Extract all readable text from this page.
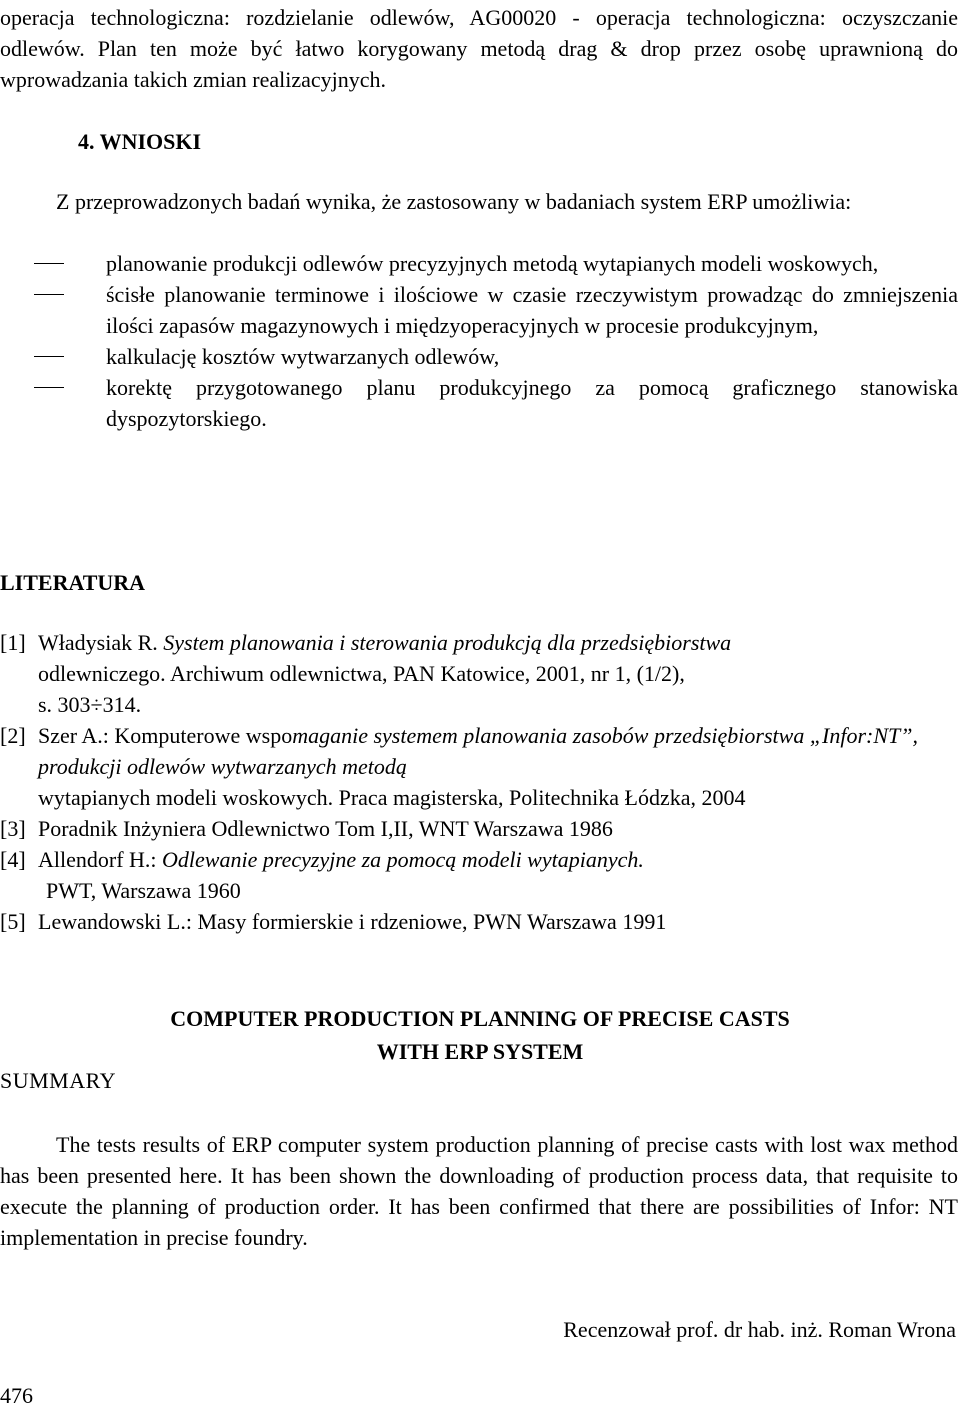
operacja technologiczna: rozdzielanie odlewów, AG00020 - operacja technologiczna: oczyszczanie odlewów. Plan ten może być łatwo korygowany metodą drag & drop przez osobę uprawnioną do wprowadzania takich zmian realizacyjnych.
4. WNIOSKI
Z przeprowadzonych badań wynika, że zastosowany w badaniach system ERP umożliwia:
planowanie produkcji odlewów precyzyjnych metodą wytapianych modeli woskowych,
ścisłe planowanie terminowe i ilościowe w czasie rzeczywistym prowadząc do zmniejszenia ilości zapasów magazynowych i międzyoperacyjnych w procesie produkcyjnym,
kalkulację kosztów wytwarzanych odlewów,
korektę przygotowanego planu produkcyjnego za pomocą graficznego stanowiska dyspozytorskiego.
LITERATURA
[1] Władysiak R. System planowania i sterowania produkcją dla przedsiębiorstwa
odlewniczego. Archiwum odlewnictwa, PAN Katowice, 2001, nr 1, (1/2),
s. 303÷314.
[2] Szer A.: Komputerowe wspomaganie systemem planowania zasobów przedsiębiorstwa „Infor:NT”, produkcji odlewów wytwarzanych metodą
wytapianych modeli woskowych. Praca magisterska, Politechnika Łódzka, 2004
[3] Poradnik Inżyniera Odlewnictwo Tom I,II, WNT Warszawa 1986
[4] Allendorf H.: Odlewanie precyzyjne za pomocą modeli wytapianych.
PWT, Warszawa 1960
[5] Lewandowski L.: Masy formierskie i rdzeniowe, PWN Warszawa 1991
COMPUTER PRODUCTION PLANNING OF PRECISE CASTS
WITH ERP SYSTEM
SUMMARY
The tests results of ERP computer system production planning of precise casts with lost wax method has been presented here. It has been shown the downloading of production process data, that requisite to execute the planning of production order. It has been confirmed that there are possibilities of Infor: NT implementation in precise foundry.
Recenzował prof. dr hab. inż. Roman Wrona
476
